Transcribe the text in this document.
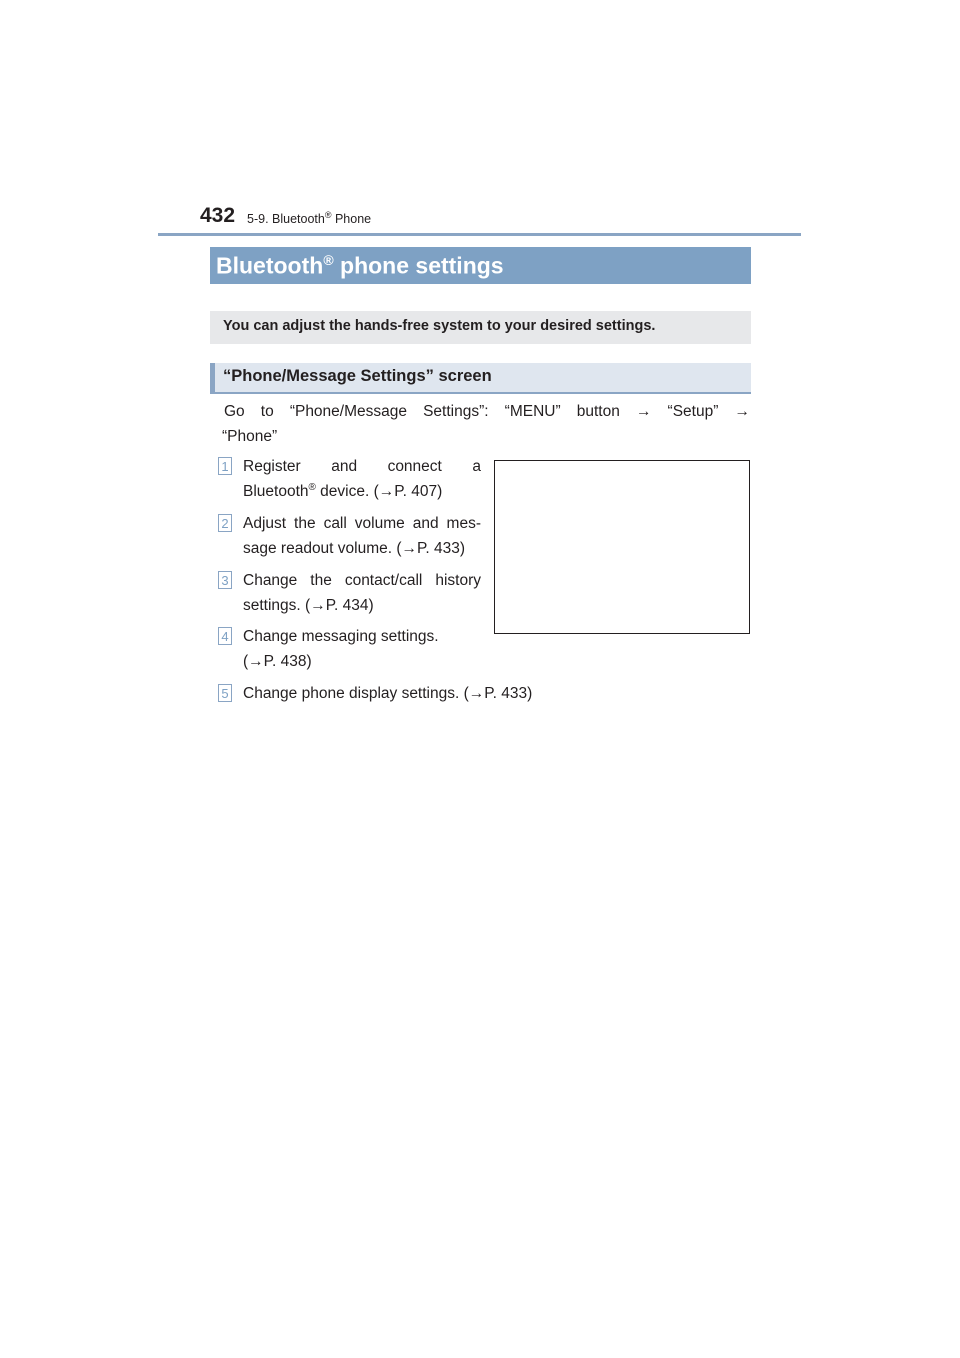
432 5-9. Bluetooth® Phone
Bluetooth® phone settings
You can adjust the hands-free system to your desired settings.
“Phone/Message Settings” screen
Go to “Phone/Message Settings”: “MENU” button → “Setup” →
“Phone”
1 Register and connect a
Bluetooth® device. (→P. 407)
2 Adjust the call volume and mes-
sage readout volume. (→P. 433)
3 Change the contact/call history
settings. (→P. 434)
4 Change messaging settings.
(→P. 438)
5 Change phone display settings. (→P. 433)
